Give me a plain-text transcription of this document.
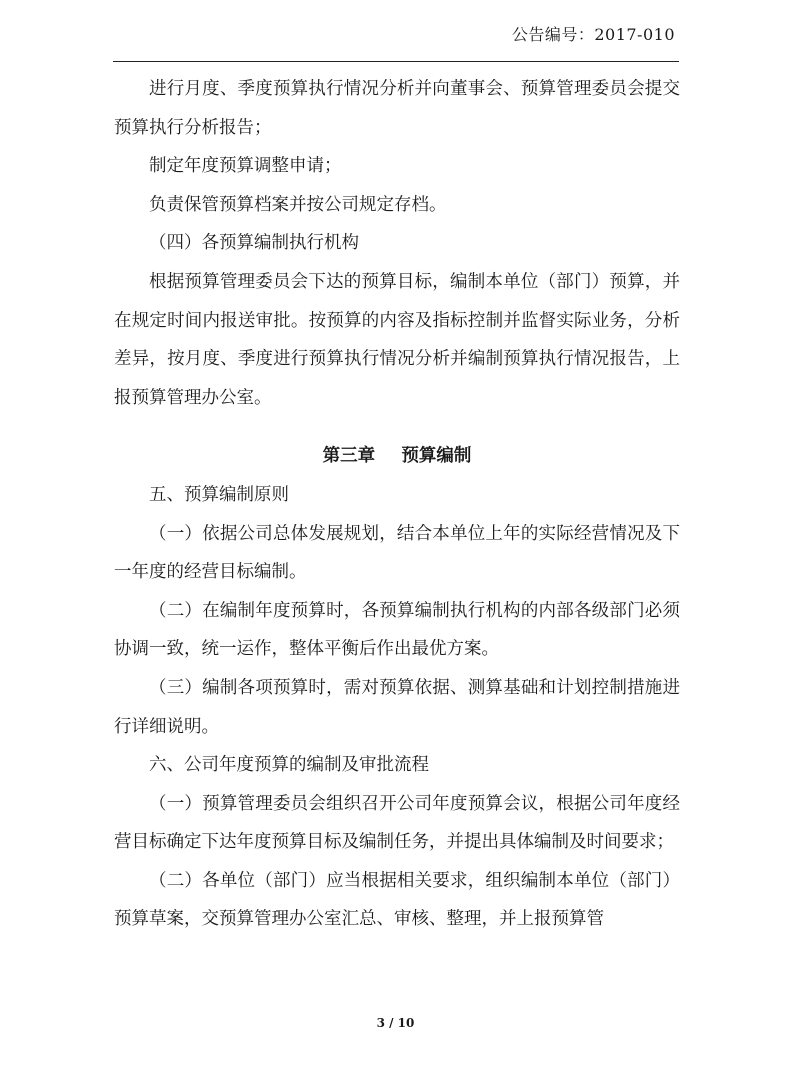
公告编号：2017-010

进行月度、季度预算执行情况分析并向董事会、预算管理委员会提交预算执行分析报告；

制定年度预算调整申请；

负责保管预算档案并按公司规定存档。

（四）各预算编制执行机构

根据预算管理委员会下达的预算目标，编制本单位（部门）预算，并在规定时间内报送审批。按预算的内容及指标控制并监督实际业务，分析差异，按月度、季度进行预算执行情况分析并编制预算执行情况报告，上报预算管理办公室。

第三章 预算编制

五、预算编制原则

（一）依据公司总体发展规划，结合本单位上年的实际经营情况及下一年度的经营目标编制。

（二）在编制年度预算时，各预算编制执行机构的内部各级部门必须协调一致，统一运作，整体平衡后作出最优方案。

（三）编制各项预算时，需对预算依据、测算基础和计划控制措施进行详细说明。

六、公司年度预算的编制及审批流程

（一）预算管理委员会组织召开公司年度预算会议，根据公司年度经营目标确定下达年度预算目标及编制任务，并提出具体编制及时间要求；

（二）各单位（部门）应当根据相关要求，组织编制本单位（部门）预算草案，交预算管理办公室汇总、审核、整理，并上报预算管

3 / 10
